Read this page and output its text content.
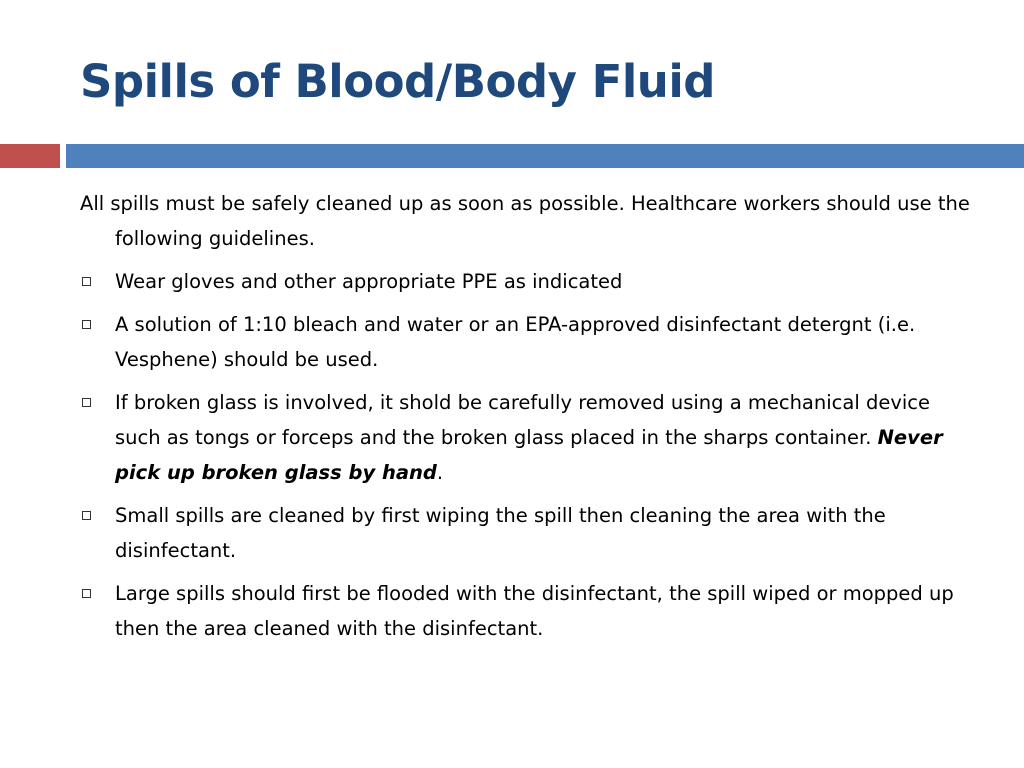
Spills of Blood/Body Fluid
All spills must be safely cleaned up as soon as possible. Healthcare workers should use the following guidelines.
Wear gloves and other appropriate PPE as indicated
A solution of 1:10 bleach and water or an EPA-approved disinfectant detergnt (i.e. Vesphene) should be used.
If broken glass is involved, it shold be carefully removed using a mechanical device such as tongs or forceps and the broken glass placed in the sharps container. Never pick up broken glass by hand.
Small spills are cleaned by first wiping the spill then cleaning the area with the disinfectant.
Large spills should first be flooded with the disinfectant, the spill wiped or mopped up then the area cleaned with the disinfectant.
